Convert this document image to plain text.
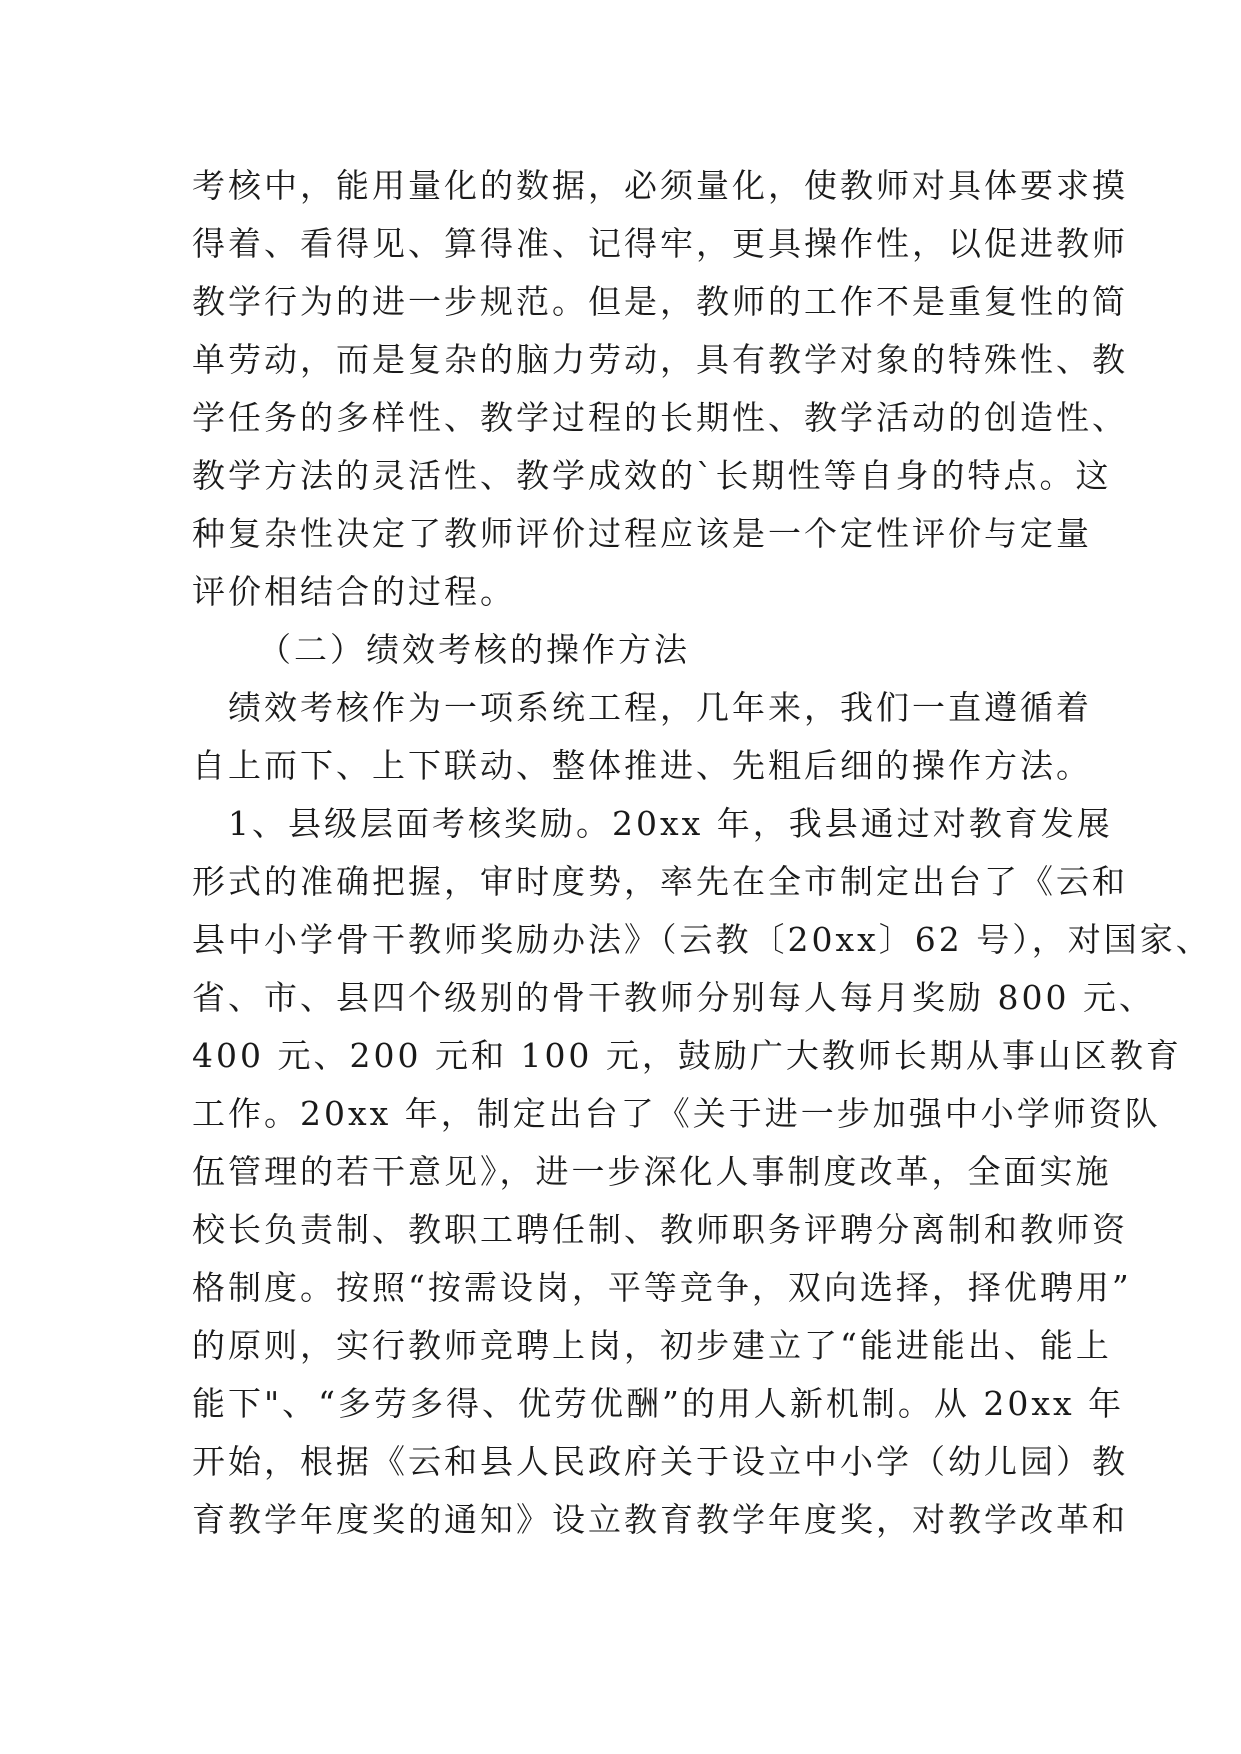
考核中，能用量化的数据，必须量化，使教师对具体要求摸
得着、看得见、算得准、记得牢，更具操作性，以促进教师
教学行为的进一步规范。但是，教师的工作不是重复性的简
单劳动，而是复杂的脑力劳动，具有教学对象的特殊性、教
学任务的多样性、教学过程的长期性、教学活动的创造性、
教学方法的灵活性、教学成效的`长期性等自身的特点。这
种复杂性决定了教师评价过程应该是一个定性评价与定量
评价相结合的过程。
（二）绩效考核的操作方法
绩效考核作为一项系统工程，几年来，我们一直遵循着
自上而下、上下联动、整体推进、先粗后细的操作方法。
1、县级层面考核奖励。20xx 年，我县通过对教育发展
形式的准确把握，审时度势，率先在全市制定出台了《云和
县中小学骨干教师奖励办法》（云教〔20xx〕62 号），对国家、
省、市、县四个级别的骨干教师分别每人每月奖励 800 元、
400 元、200 元和 100 元，鼓励广大教师长期从事山区教育
工作。20xx 年，制定出台了《关于进一步加强中小学师资队
伍管理的若干意见》，进一步深化人事制度改革，全面实施
校长负责制、教职工聘任制、教师职务评聘分离制和教师资
格制度。按照“按需设岗，平等竞争，双向选择，择优聘用”
的原则，实行教师竞聘上岗，初步建立了“能进能出、能上
能下"、“多劳多得、优劳优酬”的用人新机制。从 20xx 年
开始，根据《云和县人民政府关于设立中小学（幼儿园）教
育教学年度奖的通知》设立教育教学年度奖，对教学改革和
